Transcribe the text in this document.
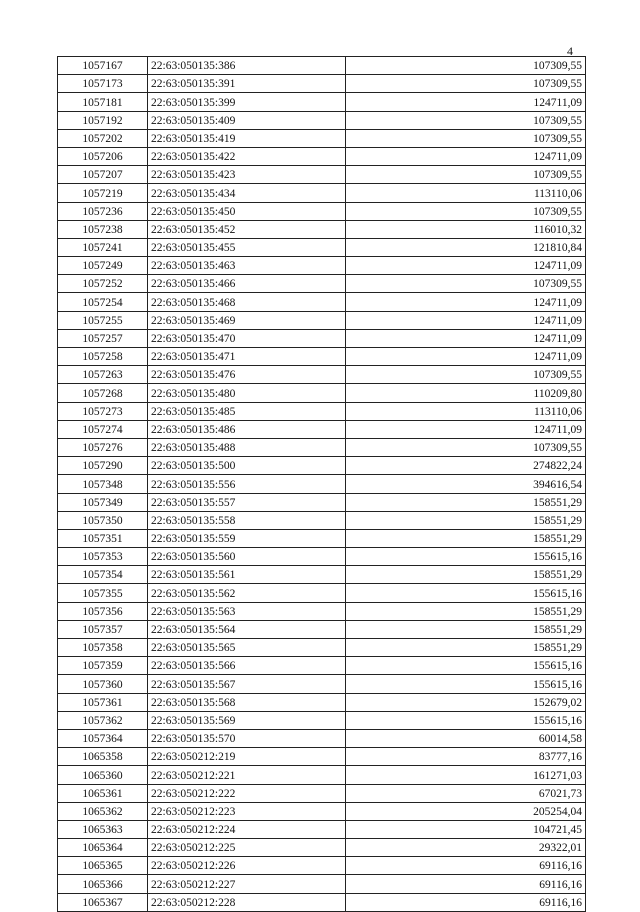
4
1057167	22:63:050135:386	107309,55
1057173	22:63:050135:391	107309,55
1057181	22:63:050135:399	124711,09
1057192	22:63:050135:409	107309,55
1057202	22:63:050135:419	107309,55
1057206	22:63:050135:422	124711,09
1057207	22:63:050135:423	107309,55
1057219	22:63:050135:434	113110,06
1057236	22:63:050135:450	107309,55
1057238	22:63:050135:452	116010,32
1057241	22:63:050135:455	121810,84
1057249	22:63:050135:463	124711,09
1057252	22:63:050135:466	107309,55
1057254	22:63:050135:468	124711,09
1057255	22:63:050135:469	124711,09
1057257	22:63:050135:470	124711,09
1057258	22:63:050135:471	124711,09
1057263	22:63:050135:476	107309,55
1057268	22:63:050135:480	110209,80
1057273	22:63:050135:485	113110,06
1057274	22:63:050135:486	124711,09
1057276	22:63:050135:488	107309,55
1057290	22:63:050135:500	274822,24
1057348	22:63:050135:556	394616,54
1057349	22:63:050135:557	158551,29
1057350	22:63:050135:558	158551,29
1057351	22:63:050135:559	158551,29
1057353	22:63:050135:560	155615,16
1057354	22:63:050135:561	158551,29
1057355	22:63:050135:562	155615,16
1057356	22:63:050135:563	158551,29
1057357	22:63:050135:564	158551,29
1057358	22:63:050135:565	158551,29
1057359	22:63:050135:566	155615,16
1057360	22:63:050135:567	155615,16
1057361	22:63:050135:568	152679,02
1057362	22:63:050135:569	155615,16
1057364	22:63:050135:570	60014,58
1065358	22:63:050212:219	83777,16
1065360	22:63:050212:221	161271,03
1065361	22:63:050212:222	67021,73
1065362	22:63:050212:223	205254,04
1065363	22:63:050212:224	104721,45
1065364	22:63:050212:225	29322,01
1065365	22:63:050212:226	69116,16
1065366	22:63:050212:227	69116,16
1065367	22:63:050212:228	69116,16
